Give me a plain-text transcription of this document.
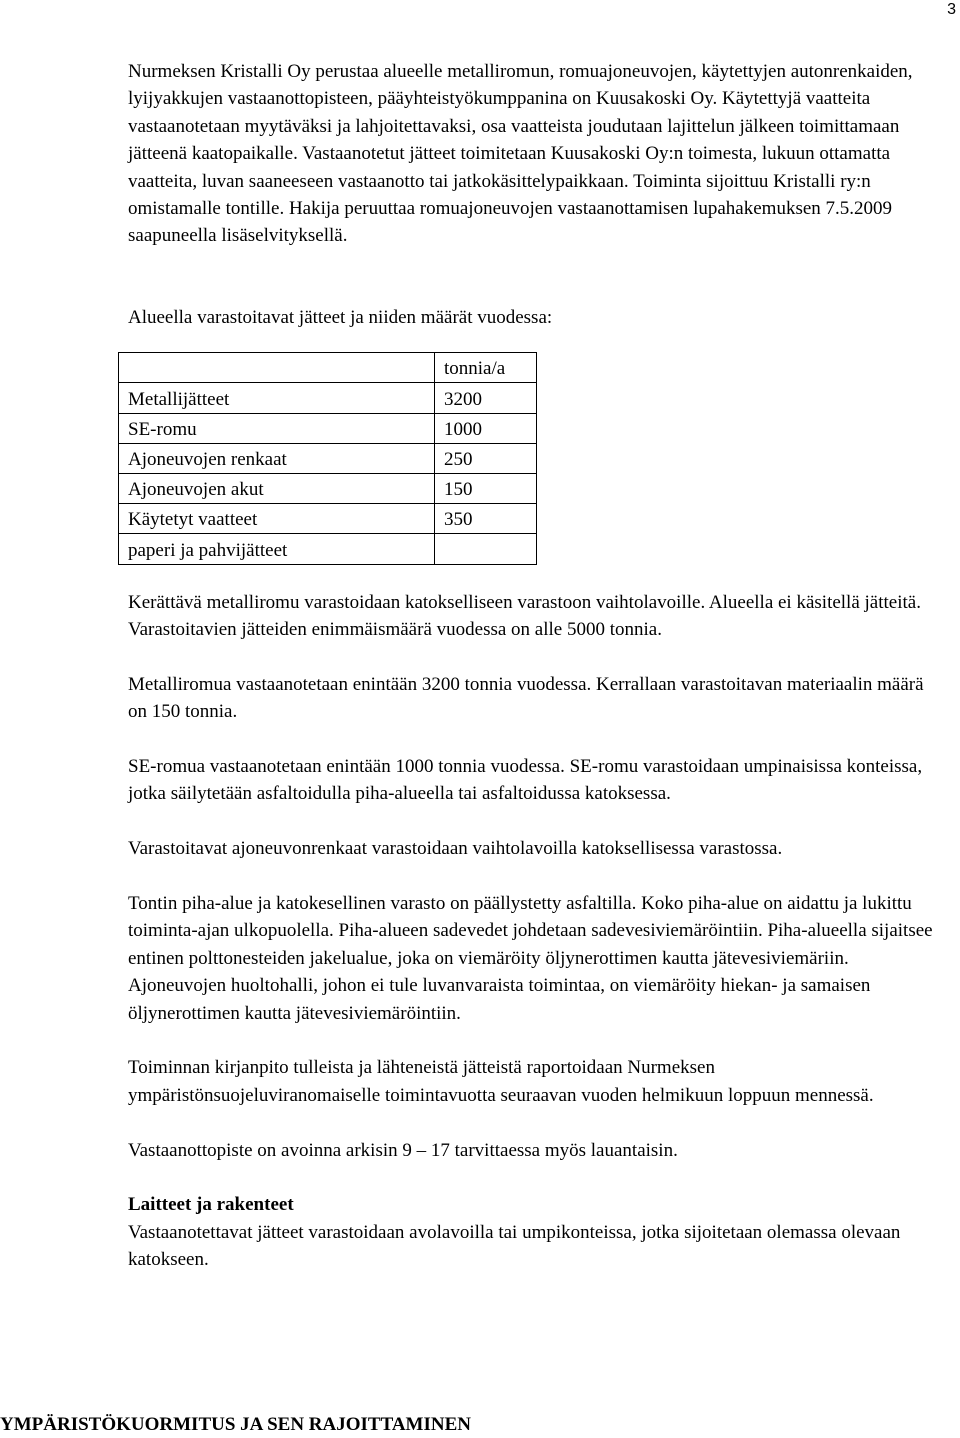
3

Nurmeksen Kristalli Oy perustaa alueelle metalliromun, romuajoneuvojen, käytettyjen autonrenkaiden, lyijyakkujen vastaanottopisteen, pääyhteistyökumppanina on Kuusakoski Oy. Käytettyjä vaatteita vastaanotetaan myytäväksi ja lahjoitettavaksi, osa vaatteista joudutaan lajittelun jälkeen toimittamaan jätteenä kaatopaikalle. Vastaanotetut jätteet toimitetaan Kuusakoski Oy:n toimesta, lukuun ottamatta vaatteita, luvan saaneeseen vastaanotto tai jatkokäsittelypaikkaan. Toiminta sijoittuu Kristalli ry:n omistamalle tontille. Hakija peruuttaa romuajoneuvojen vastaanottamisen lupahakemuksen 7.5.2009 saapuneella lisäselvityksellä.

Alueella varastoitavat jätteet ja niiden määrät vuodessa:

	tonnia/a
Metallijätteet	3200
SE-romu	1000
Ajoneuvojen renkaat	250
Ajoneuvojen akut	150
Käytetyt vaatteet	350
paperi ja pahvijätteet	

Kerättävä metalliromu varastoidaan katokselliseen varastoon vaihtolavoille. Alueella ei käsitellä jätteitä. Varastoitavien jätteiden enimmäismäärä vuodessa on alle 5000 tonnia.

Metalliromua vastaanotetaan enintään 3200 tonnia vuodessa. Kerrallaan varastoitavan materiaalin määrä on 150 tonnia.

SE-romua vastaanotetaan enintään 1000 tonnia vuodessa. SE-romu varastoidaan umpinaisissa konteissa, jotka säilytetään asfaltoidulla piha-alueella tai asfaltoidussa katoksessa.

Varastoitavat ajoneuvonrenkaat varastoidaan vaihtolavoilla katoksellisessa varastossa.

Tontin piha-alue ja katokesellinen varasto on päällystetty asfaltilla. Koko piha-alue on aidattu ja lukittu toiminta-ajan ulkopuolella. Piha-alueen sadevedet johdetaan sadevesiviemäröintiin. Piha-alueella sijaitsee entinen polttonesteiden jakelualue, joka on viemäröity öljynerottimen kautta jätevesiviemäriin. Ajoneuvojen huoltohalli, johon ei tule luvanvaraista toimintaa, on viemäröity hiekan- ja samaisen öljynerottimen kautta jätevesiviemäröintiin.

Toiminnan kirjanpito tulleista ja lähteneistä jätteistä raportoidaan Nurmeksen ympäristönsuojeluviranomaiselle toimintavuotta seuraavan vuoden helmikuun loppuun mennessä.

Vastaanottopiste on avoinna arkisin 9 – 17 tarvittaessa myös lauantaisin.

Laitteet ja rakenteet

Vastaanotettavat jätteet varastoidaan avolavoilla tai umpikonteissa, jotka sijoitetaan olemassa olevaan katokseen.

YMPÄRISTÖKUORMITUS JA SEN RAJOITTAMINEN
